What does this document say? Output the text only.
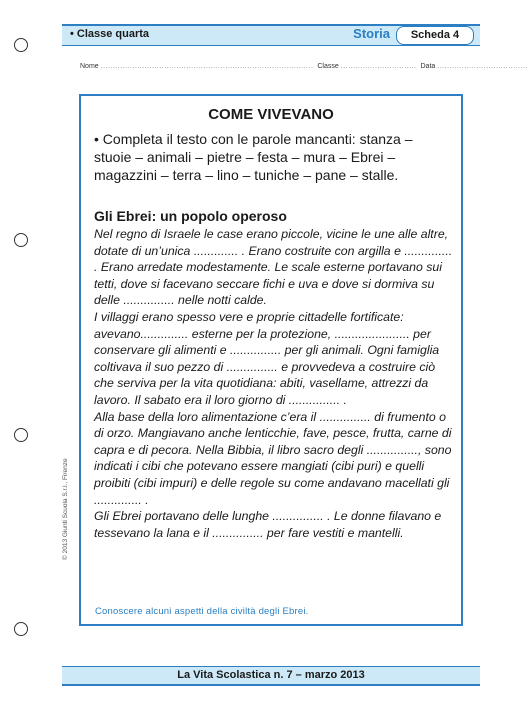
• Classe quarta	Storia	Scheda 4
Nome ....................................................................................... Classe ............................... Data .....................................
COME VIVEVANO
• Completa il testo con le parole mancanti: stanza – stuoie – animali – pietre – festa – mura – Ebrei – magazzini – terra – lino – tuniche – pane – stalle.
Gli Ebrei: un popolo operoso

Nel regno di Israele le case erano piccole, vicine le une alle altre, dotate di un’unica ............. . Erano costruite con argilla e .............. . Erano arredate modestamente. Le scale esterne portavano sui tetti, dove si facevano seccare fichi e uva e dove si dormiva su delle ............... nelle notti calde.

I villaggi erano spesso vere e proprie cittadelle fortificate: avevano.............. esterne per la protezione, ...................... per conservare gli alimenti e ............... per gli animali. Ogni famiglia coltivava il suo pezzo di ............... e provvedeva a costruire ciò che serviva per la vita quotidiana: abiti, vasellame, attrezzi da lavoro. Il sabato era il loro giorno di ............... .

Alla base della loro alimentazione c’era il ............... di frumento o di orzo. Mangiavano anche lenticchie, fave, pesce, frutta, carne di capra e di pecora. Nella Bibbia, il libro sacro degli ..............., sono indicati i cibi che potevano essere mangiati (cibi puri) e quelli proibiti (cibi impuri) e delle regole su come andavano macellati gli .............. .

Gli Ebrei portavano delle lunghe ............... . Le donne filavano e tessevano la lana e il ............... per fare vestiti e mantelli.

Conoscere alcuni aspetti della civiltà degli Ebrei.
© 2013 Giunti Scuola S.r.l., Firenze
La Vita Scolastica n. 7 – marzo 2013
